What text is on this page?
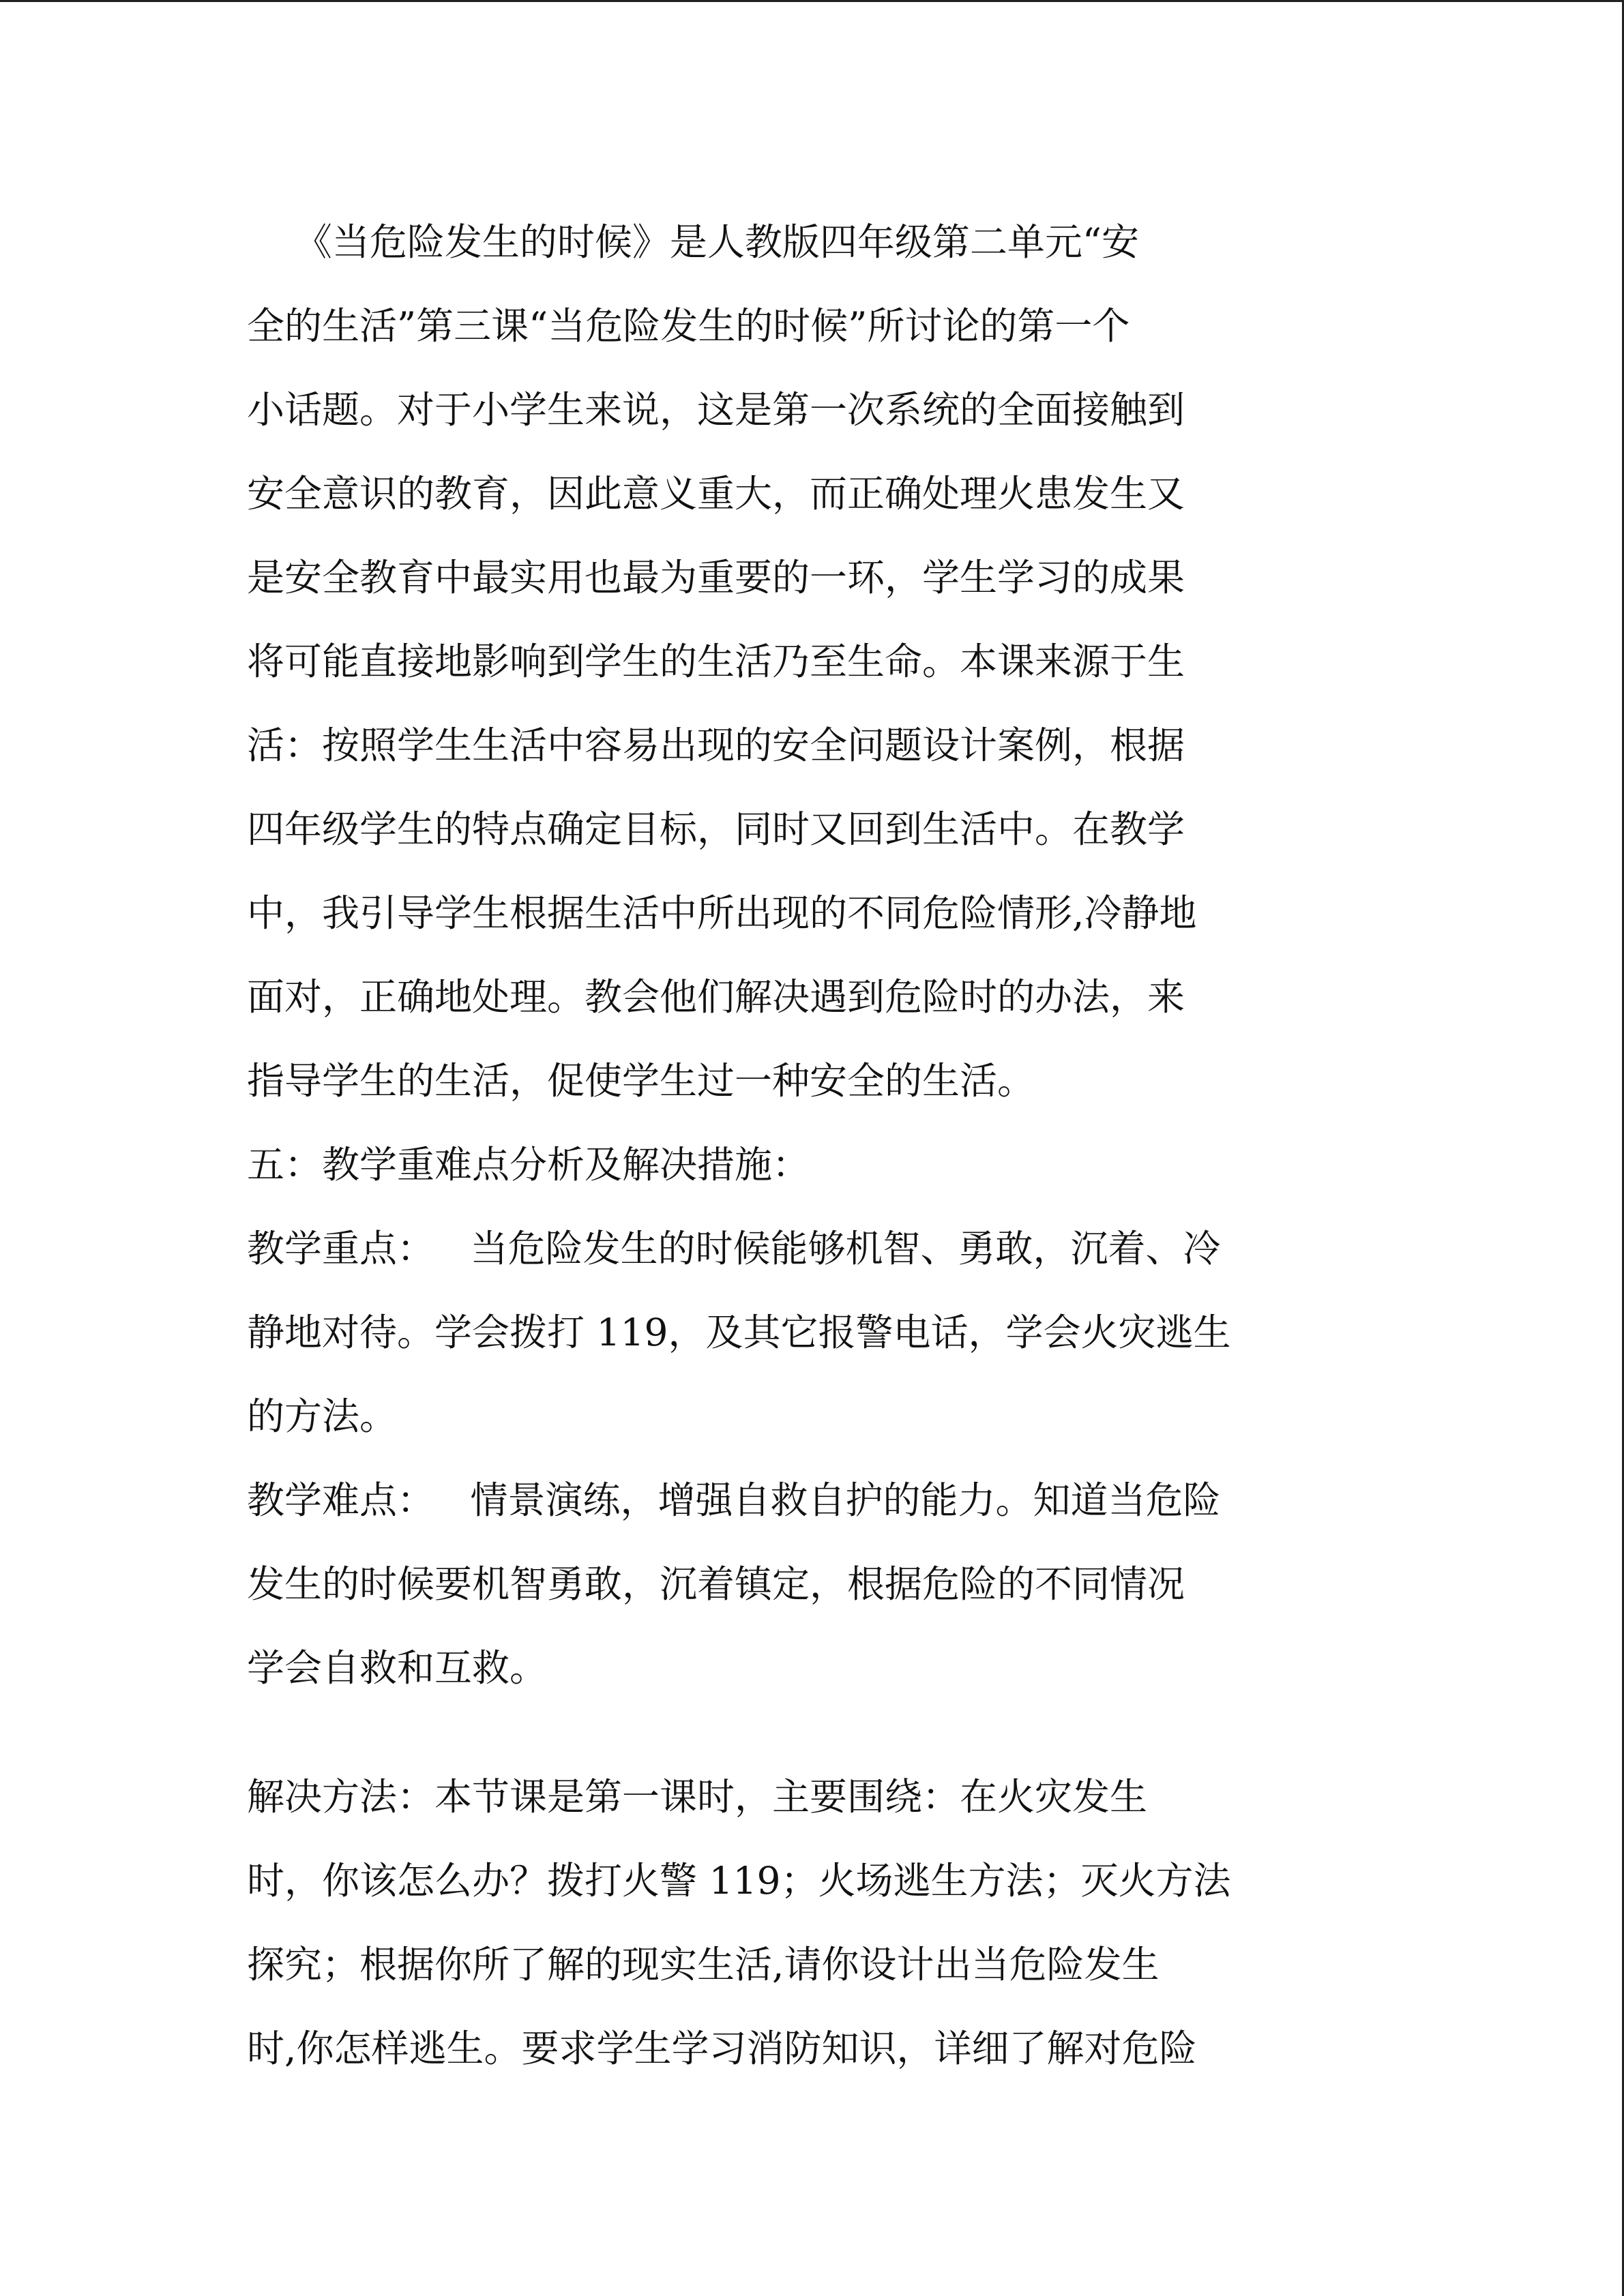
《当危险发生的时候》是人教版四年级第二单元“安
全的生活”第三课“当危险发生的时候”所讨论的第一个
小话题。对于小学生来说，这是第一次系统的全面接触到
安全意识的教育，因此意义重大，而正确处理火患发生又
是安全教育中最实用也最为重要的一环，学生学习的成果
将可能直接地影响到学生的生活乃至生命。本课来源于生
活：按照学生生活中容易出现的安全问题设计案例，根据
四年级学生的特点确定目标，同时又回到生活中。在教学
中，我引导学生根据生活中所出现的不同危险情形,冷静地
面对，正确地处理。教会他们解决遇到危险时的办法，来
指导学生的生活，促使学生过一种安全的生活。
五：教学重难点分析及解决措施：
教学重点：   当危险发生的时候能够机智、勇敢，沉着、冷
静地对待。学会拨打 119，及其它报警电话，学会火灾逃生
的方法。
教学难点：   情景演练，增强自救自护的能力。知道当危险
发生的时候要机智勇敢，沉着镇定，根据危险的不同情况
学会自救和互救。
解决方法：本节课是第一课时，主要围绕：在火灾发生
时，你该怎么办？拨打火警 119；火场逃生方法；灭火方法
探究；根据你所了解的现实生活,请你设计出当危险发生
时,你怎样逃生。要求学生学习消防知识，详细了解对危险
